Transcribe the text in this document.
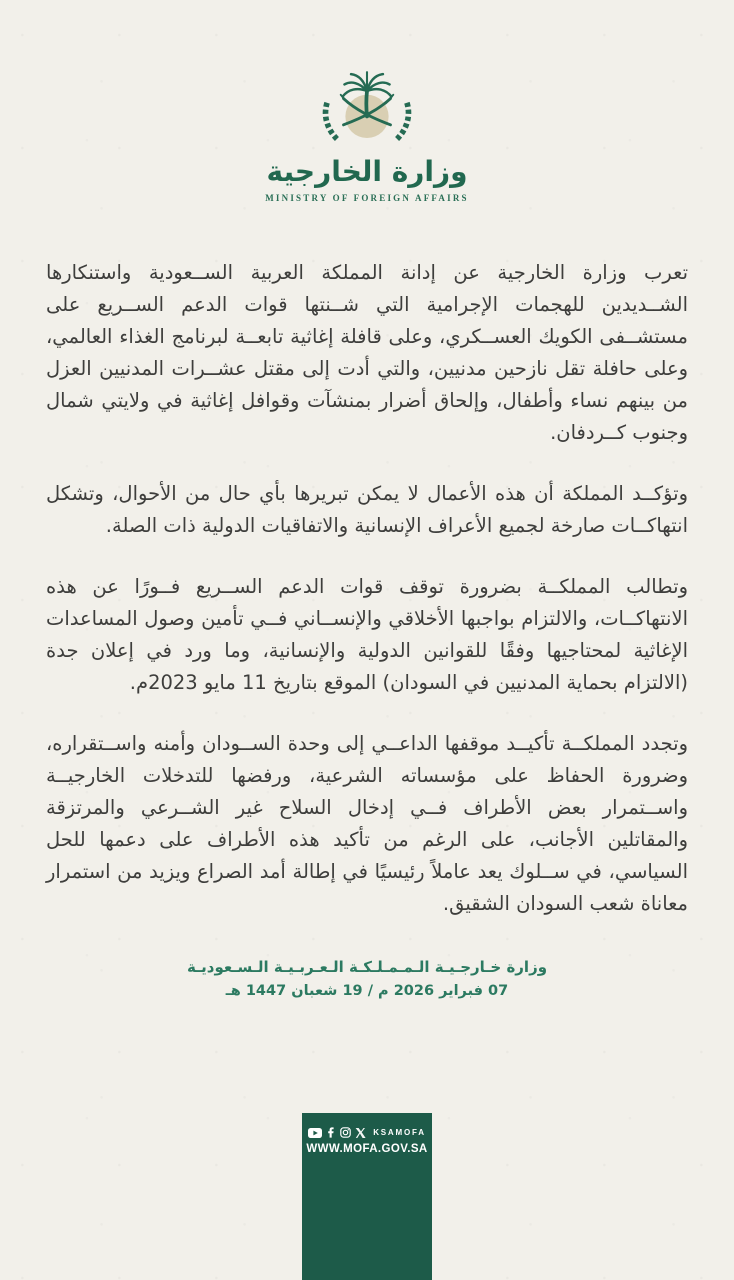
وزارة الخارجية
MINISTRY OF FOREIGN AFFAIRS

تعرب وزارة الخارجية عن إدانة المملكة العربية الســعودية واستنكارها الشــديدين للهجمات الإجرامية التي شــنتها قوات الدعم الســريع على مستشــفى الكويك العســكري، وعلى قافلة إغاثية تابعــة لبرنامج الغذاء العالمي، وعلى حافلة تقل نازحين مدنيين، والتي أدت إلى مقتل عشــرات المدنيين العزل من بينهم نساء وأطفال، وإلحاق أضرار بمنشآت وقوافل إغاثية في ولايتي شمال وجنوب كــردفان.

وتؤكــد المملكة أن هذه الأعمال لا يمكن تبريرها بأي حال من الأحوال، وتشكل انتهاكــات صارخة لجميع الأعراف الإنسانية والاتفاقيات الدولية ذات الصلة.

وتطالب المملكــة بضرورة توقف قوات الدعم الســريع فــورًا عن هذه الانتهاكــات، والالتزام بواجبها الأخلاقي والإنســاني فــي تأمين وصول المساعدات الإغاثية لمحتاجيها وفقًا للقوانين الدولية والإنسانية، وما ورد في إعلان جدة (الالتزام بحماية المدنيين في السودان) الموقع بتاريخ 11 مايو 2023م.

وتجدد المملكــة تأكيــد موقفها الداعــي إلى وحدة الســودان وأمنه واســتقراره، وضرورة الحفاظ على مؤسساته الشرعية، ورفضها للتدخلات الخارجيــة واســتمرار بعض الأطراف فــي إدخال السلاح غير الشــرعي والمرتزقة والمقاتلين الأجانب، على الرغم من تأكيد هذه الأطراف على دعمها للحل السياسي، في ســلوك يعد عاملاً رئيسيًا في إطالة أمد الصراع ويزيد من استمرار معاناة شعب السودان الشقيق.

وزارة خـارجـيـة الـمـمـلـكـة الـعـربـيـة الـسـعوديـة
07 فبراير 2026 م / 19 شعبان 1447 هـ
KSAMOFA
WWW.MOFA.GOV.SA
